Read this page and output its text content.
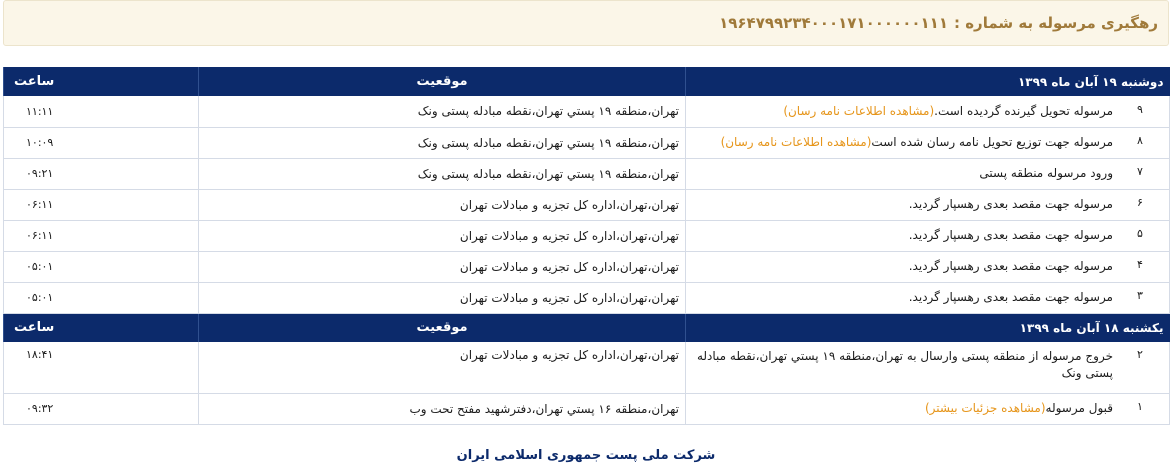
رهگیری مرسوله به شماره :
۱۹۶۴۷۹۹۲۳۴۰۰۰۱۷۱۰۰۰۰۰۰۱۱۱
دوشنبه ۱۹ آبان ماه ۱۳۹۹	موقعیت	ساعت

۹
مرسوله تحویل گیرنده گردیده است.(مشاهده اطلاعات نامه رسان)	تهران،منطقه ۱۹ پستي تهران،نقطه مبادله پستی ونک	۱۱:۱۱

۸
مرسوله جهت توزیع تحویل نامه رسان شده است(مشاهده اطلاعات نامه رسان)	تهران،منطقه ۱۹ پستي تهران،نقطه مبادله پستی ونک	۱۰:۰۹

۷
ورود مرسوله منطقه پستی	تهران،منطقه ۱۹ پستي تهران،نقطه مبادله پستی ونک	۰۹:۲۱

۶
مرسوله جهت مقصد بعدی رهسپار گردید.	تهران،تهران،اداره کل تجزیه و مبادلات تهران	۰۶:۱۱

۵
مرسوله جهت مقصد بعدی رهسپار گردید.	تهران،تهران،اداره کل تجزیه و مبادلات تهران	۰۶:۱۱

۴
مرسوله جهت مقصد بعدی رهسپار گردید.	تهران،تهران،اداره کل تجزیه و مبادلات تهران	۰۵:۰۱

۳
مرسوله جهت مقصد بعدی رهسپار گردید.	تهران،تهران،اداره کل تجزیه و مبادلات تهران	۰۵:۰۱
یکشنبه ۱۸ آبان ماه ۱۳۹۹	موقعیت	ساعت

۲
خروج مرسوله از منطقه پستی وارسال به تهران،منطقه ۱۹ پستي تهران،نقطه مبادله پستی ونک	تهران،تهران،اداره کل تجزیه و مبادلات تهران	۱۸:۴۱

۱
قبول مرسوله(مشاهده جزئیات بیشتر)	تهران،منطقه ۱۶ پستي تهران،دفترشهید مفتح تحت وب	۰۹:۳۲
شرکت ملی پست جمهوری اسلامی ایران
